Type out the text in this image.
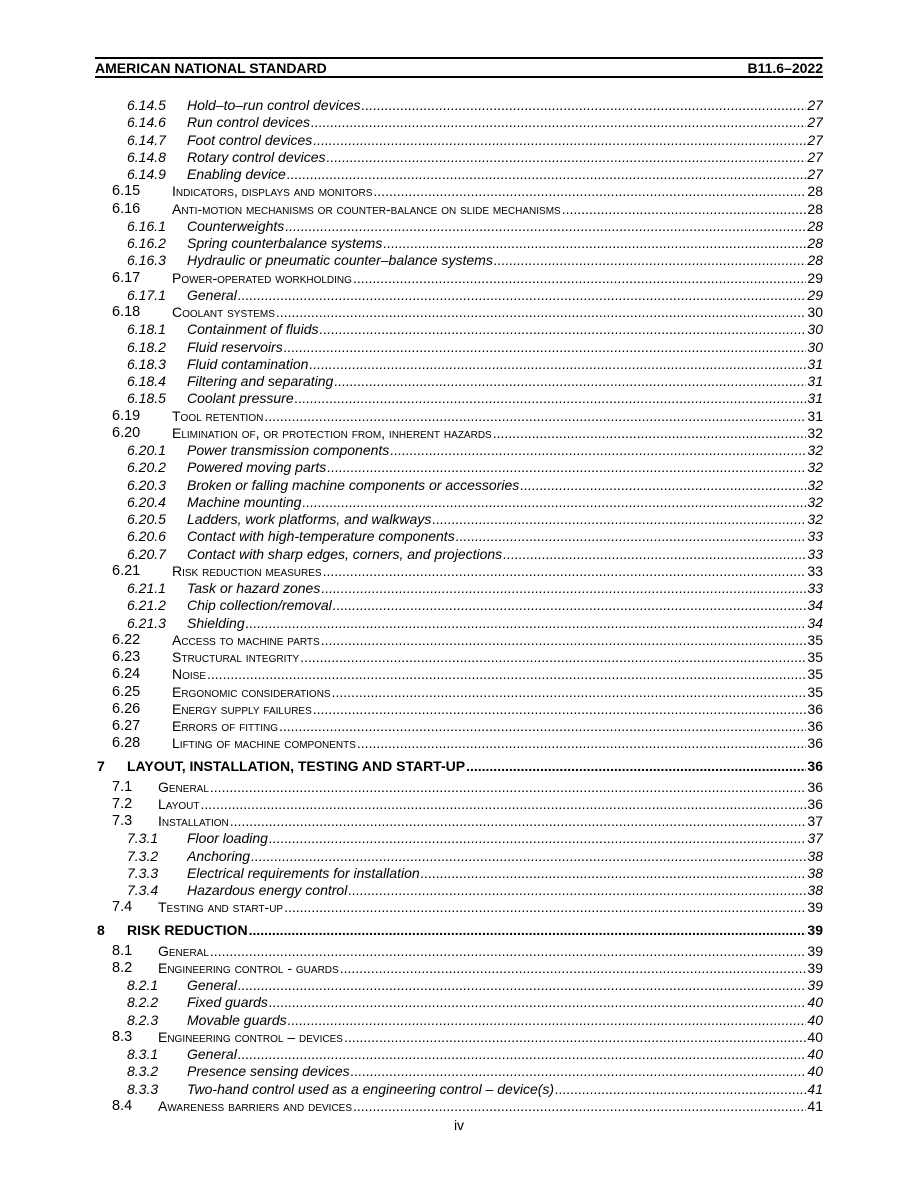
AMERICAN NATIONAL STANDARD	B11.6–2022
6.14.5 Hold–to–run control devices .....	27
6.14.6 Run control devices .....	27
6.14.7 Foot control devices .....	27
6.14.8 Rotary control devices .....	27
6.14.9 Enabling device .....	27
6.15 Indicators, displays and monitors .....	28
6.16 Anti-motion mechanisms or counter-balance on slide mechanisms .....	28
6.16.1 Counterweights .....	28
6.16.2 Spring counterbalance systems .....	28
6.16.3 Hydraulic or pneumatic counter–balance systems .....	28
6.17 Power-operated workholding .....	29
6.17.1 General .....	29
6.18 Coolant systems .....	30
6.18.1 Containment of fluids .....	30
6.18.2 Fluid reservoirs .....	30
6.18.3 Fluid contamination .....	31
6.18.4 Filtering and separating .....	31
6.18.5 Coolant pressure .....	31
6.19 Tool retention .....	31
6.20 Elimination of, or protection from, inherent hazards .....	32
6.20.1 Power transmission components .....	32
6.20.2 Powered moving parts .....	32
6.20.3 Broken or falling machine components or accessories .....	32
6.20.4 Machine mounting .....	32
6.20.5 Ladders, work platforms, and walkways .....	32
6.20.6 Contact with high-temperature components .....	33
6.20.7 Contact with sharp edges, corners, and projections .....	33
6.21 Risk reduction measures .....	33
6.21.1 Task or hazard zones .....	33
6.21.2 Chip collection/removal .....	34
6.21.3 Shielding .....	34
6.22 Access to machine parts .....	35
6.23 Structural integrity .....	35
6.24 Noise .....	35
6.25 Ergonomic considerations .....	35
6.26 Energy supply failures .....	36
6.27 Errors of fitting .....	36
6.28 Lifting of machine components .....	36
7 LAYOUT, INSTALLATION, TESTING AND START-UP .....	36
7.1 General .....	36
7.2 Layout .....	36
7.3 Installation .....	37
7.3.1 Floor loading .....	37
7.3.2 Anchoring .....	38
7.3.3 Electrical requirements for installation .....	38
7.3.4 Hazardous energy control .....	38
7.4 Testing and start-up .....	39
8 RISK REDUCTION .....	39
8.1 General .....	39
8.2 Engineering control - guards .....	39
8.2.1 General .....	39
8.2.2 Fixed guards .....	40
8.2.3 Movable guards .....	40
8.3 Engineering control – devices .....	40
8.3.1 General .....	40
8.3.2 Presence sensing devices .....	40
8.3.3 Two-hand control used as a engineering control – device(s) .....	41
8.4 Awareness barriers and devices .....	41
iv
